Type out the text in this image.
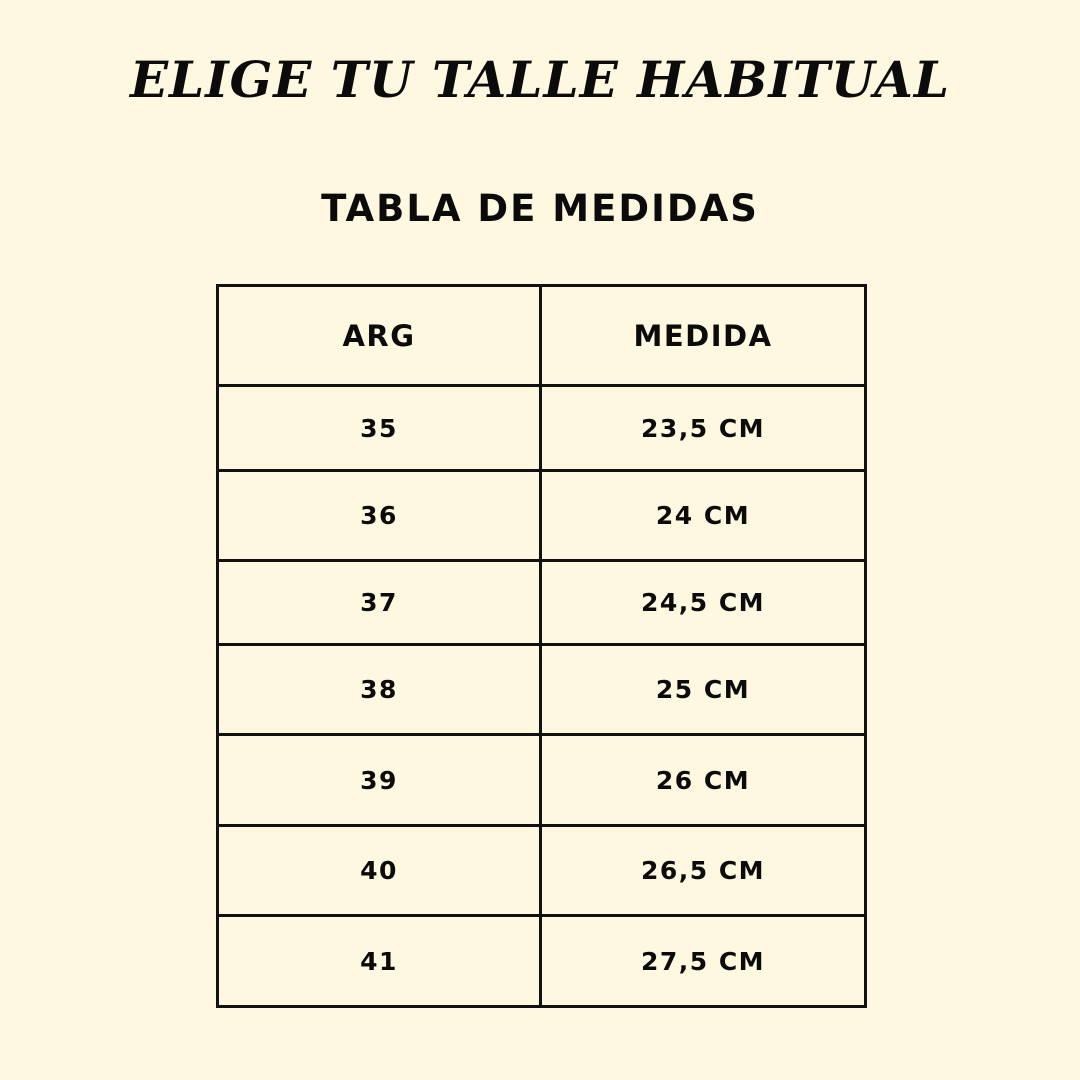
ELIGE TU TALLE HABITUAL
TABLA DE MEDIDAS
ARG	MEDIDA
35	23,5 CM
36	24 CM
37	24,5 CM
38	25 CM
39	26 CM
40	26,5 CM
41	27,5 CM
